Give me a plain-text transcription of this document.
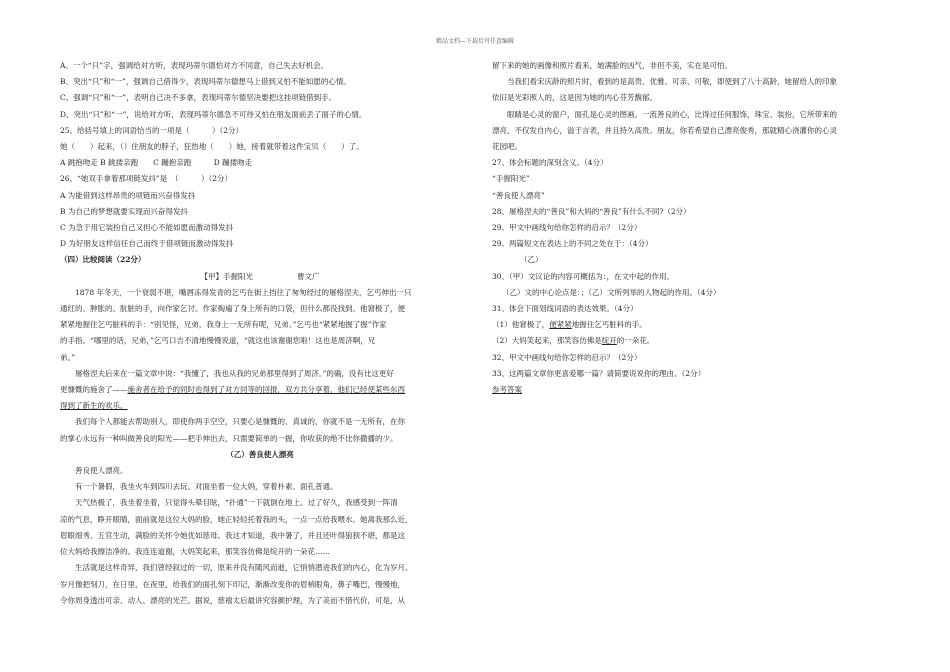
精品文档---下载后可任意编辑
A、一个“只”字，强调给对方听，表现玛蒂尔德怕对方不同意，自己失去好机会。
B、突出“只”和“一”，强调自己借得少，表现玛蒂尔德想马上借到又怕不能如愿的心情。
C、强调“只”和“一”，表明自己决不多拿，表现玛蒂尔德坚决要把这挂项链借到手。
D、突出“只”和“一”，说给对方听，表现玛蒂尔德急不可待又怕在朋友面前丢了面子的心情。
25、给括号填上的词语恰当的一项是（　　　）（2分）
她（　　）起来，（）住朋友的脖子，狂热地（　　）她，接着就带着这件宝贝（　　）了。
A 跳抱吻走 B 跳搂亲跑　　C 蹦抱亲跑　　　D 蹦搂吻走
26、“她双手拿着那项链发抖”是　（　　　）（2分）
A 为能借到这样昂贵的项链而兴奋得发抖
B 为自己的梦想就要实现而兴奋得发抖
C 为急于用它装扮自己又担心不能如愿而激动得发抖
D 为好朋友这样信任自己而终于借项链而激动得发抖
（四）比较阅读（22分）
【甲】手握阳光	曹文广
1878 年冬天，一个衰弱不堪，嘴唇冻得发青的乞丐在街上挡住了匆匆经过的屠格涅夫，乞丐伸出一只
通红的、肿胀的、肮脏的手，向作家乞讨。作家掏遍了身上所有的口袋，但什么都没找到。他窘极了，便
紧紧地握住乞丐脏科的手：“别见怪，兄弟，我身上一无所有呢，兄弟。”乞丐也“紧紧地握了握”作家
的手指。“哪里的话，兄弟，”乞丐口吉不清地慢慢说道，“就这也该谢谢您啦！这也是周济啊，兄
弟。”
屠格涅夫后来在一篇文章中说：“我懂了，我也从我的兄弟那里得到了周济。”的确，没有比这更好
更慷慨的施舍了——施舍者在给予的同时也得到了对方同等的回报，双方共分享着，他们已经使某些东西
得到了新生的欢乐。
我们每个人都能去帮助别人，即使你两手空空，只要心是慷慨的、真诚的，你就不是一无所有，在你
的掌心永远有一种叫做善良的阳光——把手伸出去，只需要简单的一握，你收获的绝不比你撒播的少。
（乙）善良使人漂亮
善良使人漂亮。
有一个暑假，我坐火车到四川去玩。对面坐着一位大妈，穿着朴素、面孔普通。
天气热极了，我坐着坐着，只觉得头晕目眩，“扑通”一下就倒在地上。过了好久，我感受到一阵清
凉的气息，睁开眼睛，面前就是这位大妈的脸，她正轻轻托着我的头，一点一点给我喂水。她离我那么近，
眉眼细秀、五官生动，满脸的关怀令她优如慈母。我这才知道，我中暑了，并且还叶得狼狈不堪，都是这
位大妈给我擦洁净的。我连连道谢，大妈笑起来，那笑容仿佛是绽开的一朵花……
生活就是这样奇异，我们曾经叙过的一切，原来并没有随风而逝，它悄悄潜进我们的内心，化为岁月。
岁月像把刻刀，在日里，在夜里，给我们的面孔刻下印记，渐渐改变你的眉梢眼角，鼻子嘴巴，慢慢地，
令你周身透出可亲、动人、漂亮的光芒。据说，慈禧太后最讲究容颜护理，为了美而不惜代价，可是，从
留下来的她的画像和照片看来，她满脸的凶气，非但不美，实在是可怕。
当我们看宋庆龄的照片时，看到的是高贵、优雅、可亲、可敬，即使到了八十高龄，她留给人的印象
依旧是光彩照人的，这是因为她的内心芬芳馥郁。
眼睛是心灵的窗户，面孔是心灵的图画。一流善良的心，比得过任何服饰，珠宝、装扮，它所带来的
漂亮，不仅发自内心，溢于言表，并且持久高贵。朋友，你若希望自己漂亮俊秀，那就精心浇灌你的心灵
花园吧。
27、体会标题的深刻含义。（4分）
“手握阳光”
“善良使人漂亮”
28、屠格涅夫的“善良”和大妈的“善良”有什么不同?（2分）
29、甲文中画线句给你怎样的启示？（2分）
29、两篇短文在表达上的不同之处在于：（4分）
（乙）
30、（甲）文议论的内容可概括为：，在文中起的作用。
（乙）文的中心论点是：；（乙）文所列举的人物起的作用。（4分）
31、体会下面划线词语的表达效果。（4分）
（1）他窘极了，便紧紧地握住乞丐脏科的手。
（2）大妈笑起来，那笑容仿佛是绽开的一朵花。
32、甲文中画线句给你怎样的启示？（2分）
33、这两篇文章你更喜爱哪一篇？请简要说说你的理由。（2分）
参考答案
